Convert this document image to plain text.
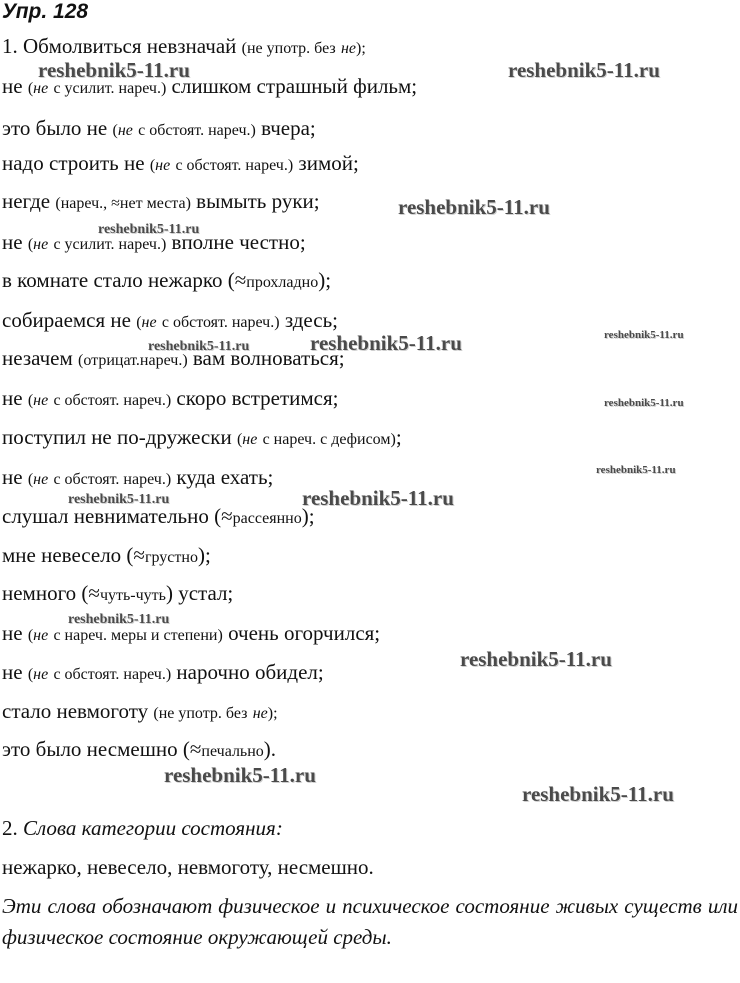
Упр. 128
1. Обмолвиться невзначай (не употр. без не);
не (не с усилит. нареч.) слишком страшный фильм;
это было не (не с обстоят. нареч.) вчера;
надо строить не (не с обстоят. нареч.) зимой;
негде (нареч., ≈нет места) вымыть руки;
не (не с усилит. нареч.) вполне честно;
в комнате стало нежарко (≈прохладно);
собираемся не (не с обстоят. нареч.) здесь;
незачем (отрицат.нареч.) вам волноваться;
не (не с обстоят. нареч.) скоро встретимся;
поступил не по-дружески (не с нареч. с дефисом);
не (не с обстоят. нареч.) куда ехать;
слушал невнимательно (≈рассеянно);
мне невесело (≈грустно);
немного (≈чуть-чуть) устал;
не (не с нареч. меры и степени) очень огорчился;
не (не с обстоят. нареч.) нарочно обидел;
стало невмоготу (не употр. без не);
это было несмешно (≈печально).
2. Слова категории состояния:
нежарко, невесело, невмоготу, несмешно.
Эти слова обозначают физическое и психическое состояние живых существ или физическое состояние окружающей среды.
reshebnik5-11.ru	reshebnik5-11.ru
reshebnik5-11.ru
reshebnik5-11.ru
reshebnik5-11.ru	reshebnik5-11.ru	reshebnik5-11.ru
reshebnik5-11.ru
reshebnik5-11.ru
reshebnik5-11.ru	reshebnik5-11.ru
reshebnik5-11.ru
reshebnik5-11.ru
reshebnik5-11.ru
reshebnik5-11.ru
